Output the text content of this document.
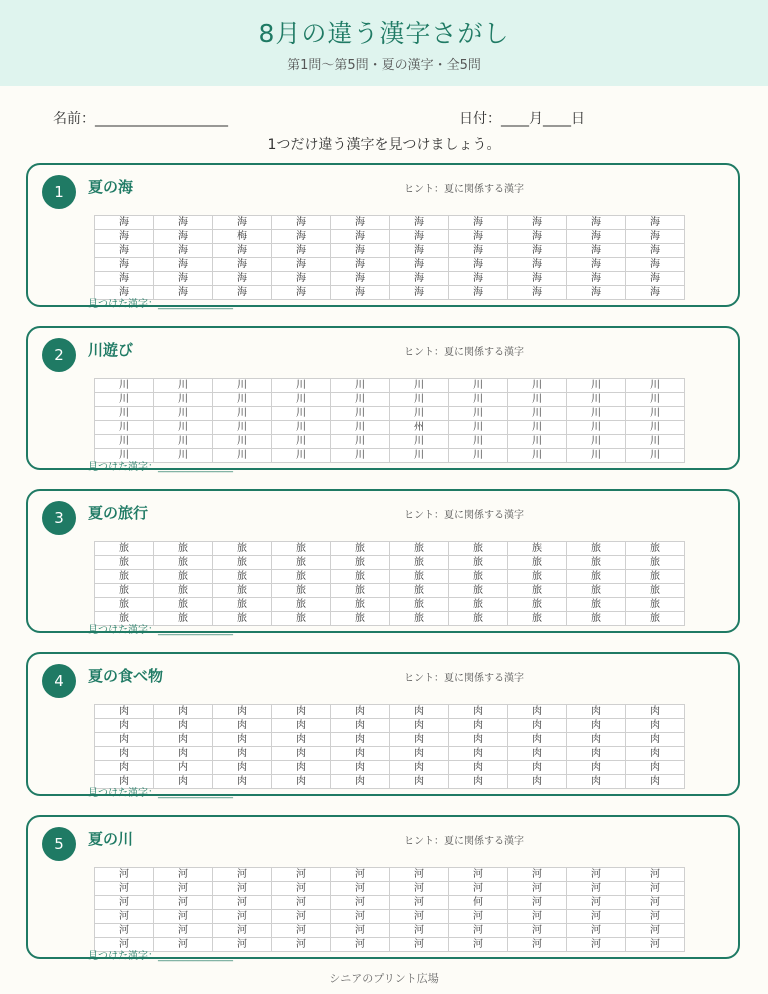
8月の違う漢字さがし
第1問〜第5問・夏の漢字・全5問
名前：___________________	日付：____月____日
1つだけ違う漢字を見つけましょう。
1	夏の海	ヒント：夏に関係する漢字
海	海	海	海	海	海	海	海	海	海
海	海	梅	海	海	海	海	海	海	海
海	海	海	海	海	海	海	海	海	海
海	海	海	海	海	海	海	海	海	海
海	海	海	海	海	海	海	海	海	海
海	海	海	海	海	海	海	海	海	海
見つけた漢字：_______________
2	川遊び	ヒント：夏に関係する漢字
川	川	川	川	川	川	川	川	川	川
川	川	川	川	川	川	川	川	川	川
川	川	川	川	川	川	川	川	川	川
川	川	川	川	川	州	川	川	川	川
川	川	川	川	川	川	川	川	川	川
川	川	川	川	川	川	川	川	川	川
見つけた漢字：_______________
3	夏の旅行	ヒント：夏に関係する漢字
旅	旅	旅	旅	旅	旅	旅	族	旅	旅
旅	旅	旅	旅	旅	旅	旅	旅	旅	旅
旅	旅	旅	旅	旅	旅	旅	旅	旅	旅
旅	旅	旅	旅	旅	旅	旅	旅	旅	旅
旅	旅	旅	旅	旅	旅	旅	旅	旅	旅
旅	旅	旅	旅	旅	旅	旅	旅	旅	旅
見つけた漢字：_______________
4	夏の食べ物	ヒント：夏に関係する漢字
肉	肉	肉	肉	肉	肉	肉	肉	肉	肉
肉	肉	肉	肉	肉	肉	肉	肉	肉	肉
肉	肉	肉	肉	肉	肉	肉	肉	肉	肉
肉	肉	肉	肉	肉	肉	肉	肉	肉	肉
肉	内	肉	肉	肉	肉	肉	肉	肉	肉
肉	肉	肉	肉	肉	肉	肉	肉	肉	肉
見つけた漢字：_______________
5	夏の川	ヒント：夏に関係する漢字
河	河	河	河	河	河	河	河	河	河
河	河	河	河	河	河	河	河	河	河
河	河	河	河	河	河	何	河	河	河
河	河	河	河	河	河	河	河	河	河
河	河	河	河	河	河	河	河	河	河
河	河	河	河	河	河	河	河	河	河
見つけた漢字：_______________
シニアのプリント広場
